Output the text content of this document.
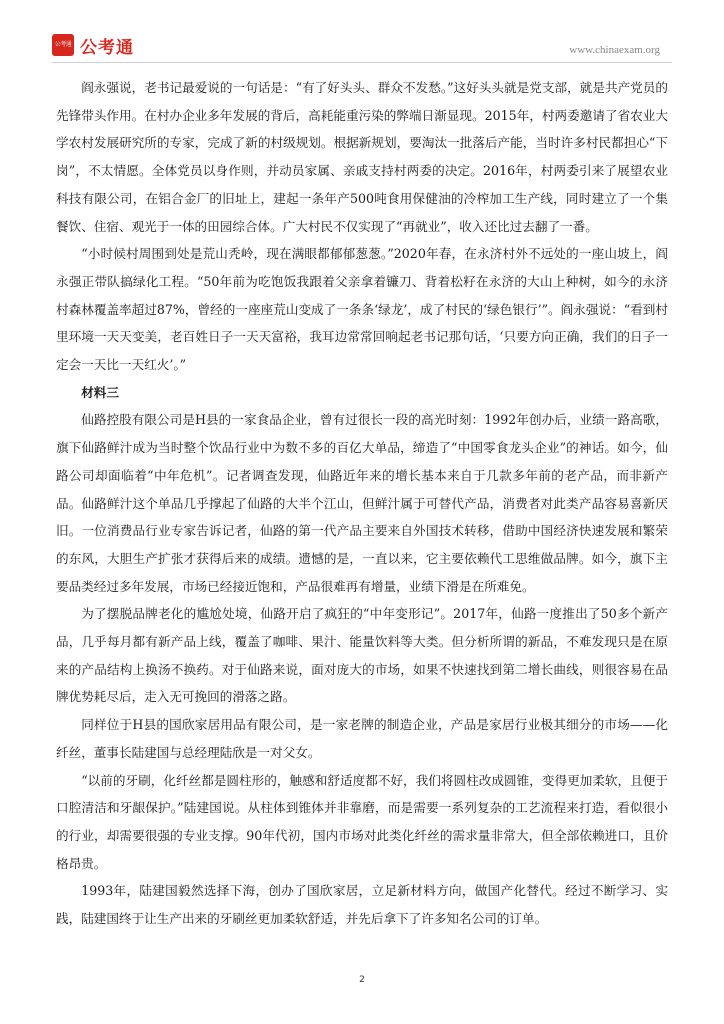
公考通 公考通	www.chinaexam.org

阎永强说，老书记最爱说的一句话是：“有了好头头、群众不发愁。”这好头头就是党支部，就是共产党员的先锋带头作用。在村办企业多年发展的背后，高耗能重污染的弊端日渐显现。2015年，村两委邀请了省农业大学农村发展研究所的专家，完成了新的村级规划。根据新规划，要淘汰一批落后产能，当时许多村民都担心“下岗”，不太情愿。全体党员以身作则，并动员家属、亲戚支持村两委的决定。2016年，村两委引来了展望农业科技有限公司，在铝合金厂的旧址上，建起一条年产500吨食用保健油的冷榨加工生产线，同时建立了一个集餐饮、住宿、观光于一体的田园综合体。广大村民不仅实现了“再就业”，收入还比过去翻了一番。

“小时候村周围到处是荒山秃岭，现在满眼都郁郁葱葱。”2020年春，在永济村外不远处的一座山坡上，阎永强正带队搞绿化工程。“50年前为吃饱饭我跟着父亲拿着镰刀、背着松籽在永济的大山上种树，如今的永济村森林覆盖率超过87%，曾经的一座座荒山变成了一条条‘绿龙’，成了村民的‘绿色银行’”。阎永强说：“看到村里环境一天天变美，老百姓日子一天天富裕，我耳边常常回响起老书记那句话，‘只要方向正确，我们的日子一定会一天比一天红火’。”

材料三

仙路控股有限公司是H县的一家食品企业，曾有过很长一段的高光时刻：1992年创办后，业绩一路高歌，旗下仙路鲜汁成为当时整个饮品行业中为数不多的百亿大单品，缔造了“中国零食龙头企业”的神话。如今，仙路公司却面临着“中年危机”。记者调查发现，仙路近年来的增长基本来自于几款多年前的老产品，而非新产品。仙路鲜汁这个单品几乎撑起了仙路的大半个江山，但鲜汁属于可替代产品，消费者对此类产品容易喜新厌旧。一位消费品行业专家告诉记者，仙路的第一代产品主要来自外国技术转移，借助中国经济快速发展和繁荣的东风，大胆生产扩张才获得后来的成绩。遗憾的是，一直以来，它主要依赖代工思维做品牌。如今，旗下主要品类经过多年发展，市场已经接近饱和，产品很难再有增量，业绩下滑是在所难免。

为了摆脱品牌老化的尴尬处境，仙路开启了疯狂的“中年变形记”。2017年，仙路一度推出了50多个新产品，几乎每月都有新产品上线，覆盖了咖啡、果汁、能量饮料等大类。但分析所谓的新品，不难发现只是在原来的产品结构上换汤不换药。对于仙路来说，面对庞大的市场，如果不快速找到第二增长曲线，则很容易在品牌优势耗尽后，走入无可挽回的滑落之路。

同样位于H县的国欣家居用品有限公司，是一家老牌的制造企业，产品是家居行业极其细分的市场——化纤丝，董事长陆建国与总经理陆欣是一对父女。

“以前的牙刷，化纤丝都是圆柱形的，触感和舒适度都不好，我们将圆柱改成圆锥，变得更加柔软，且便于口腔清洁和牙龈保护。”陆建国说。从柱体到锥体并非靠磨，而是需要一系列复杂的工艺流程来打造，看似很小的行业，却需要很强的专业支撑。90年代初，国内市场对此类化纤丝的需求量非常大，但全部依赖进口，且价格昂贵。

1993年，陆建国毅然选择下海，创办了国欣家居，立足新材料方向，做国产化替代。经过不断学习、实践，陆建国终于让生产出来的牙刷丝更加柔软舒适，并先后拿下了许多知名公司的订单。

2
